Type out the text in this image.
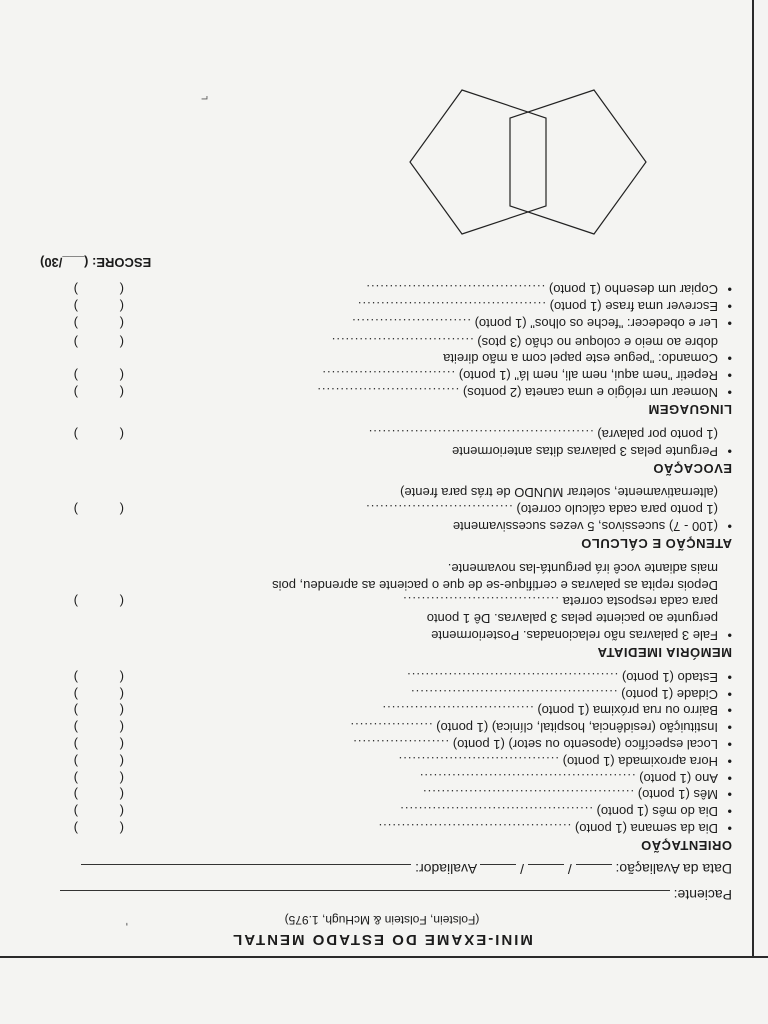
MINI-EXAME DO ESTADO MENTAL
(Folstein, Folstein & McHugh, 1.975)
Paciente:
Data da Avaliação:  /  /  Avaliador:
ORIENTAÇÃO
• Dia da semana (1 ponto) ..........................................
()
• Dia do mês (1 ponto) ..........................................
()
• Mês (1 ponto) ..............................................
()
• Ano (1 ponto) ...............................................
()
• Hora aproximada (1 ponto) ...................................
()
• Local específico (aposento ou setor) (1 ponto) .....................
()
• Instituição (residência, hospital, clínica) (1 ponto) ..................
()
• Bairro ou rua próxima (1 ponto) .................................
()
• Cidade (1 ponto) .............................................
()
• Estado (1 ponto) ..............................................
()
MEMÓRIA IMEDIATA
• Fale 3 palavras não relacionadas. Posteriormente
pergunte ao paciente pelas 3 palavras. Dê 1 ponto
para cada resposta correta ..................................
()
Depois repita as palavras e certifique-se de que o paciente as aprendeu, pois
mais adiante você irá perguntá-las novamente.
ATENÇÃO E CÁLCULO
• (100 - 7) sucessivos, 5 vezes sucessivamente
(1 ponto para cada cálculo correto) ................................
()
(alternativamente, soletrar MUNDO de trás para frente)
EVOCAÇÃO
• Pergunte pelas 3 palavras ditas anteriormente
(1 ponto por palavra) .................................................
()
LINGUAGEM
• Nomear um relógio e uma caneta (2 pontos) ...............................
()
• Repetir "nem aqui, nem ali, nem lá" (1 ponto) .............................
()
• Comando: "pegue este papel com a mão direita
dobre ao meio e coloque no chão (3 ptos) ...............................
()
• Ler e obedecer: "feche os olhos" (1 ponto) ..........................
()
• Escrever uma frase (1 ponto) .........................................
()
• Copiar um desenho (1 ponto) .......................................
()
ESCORE: (___/30)
⌐
'
